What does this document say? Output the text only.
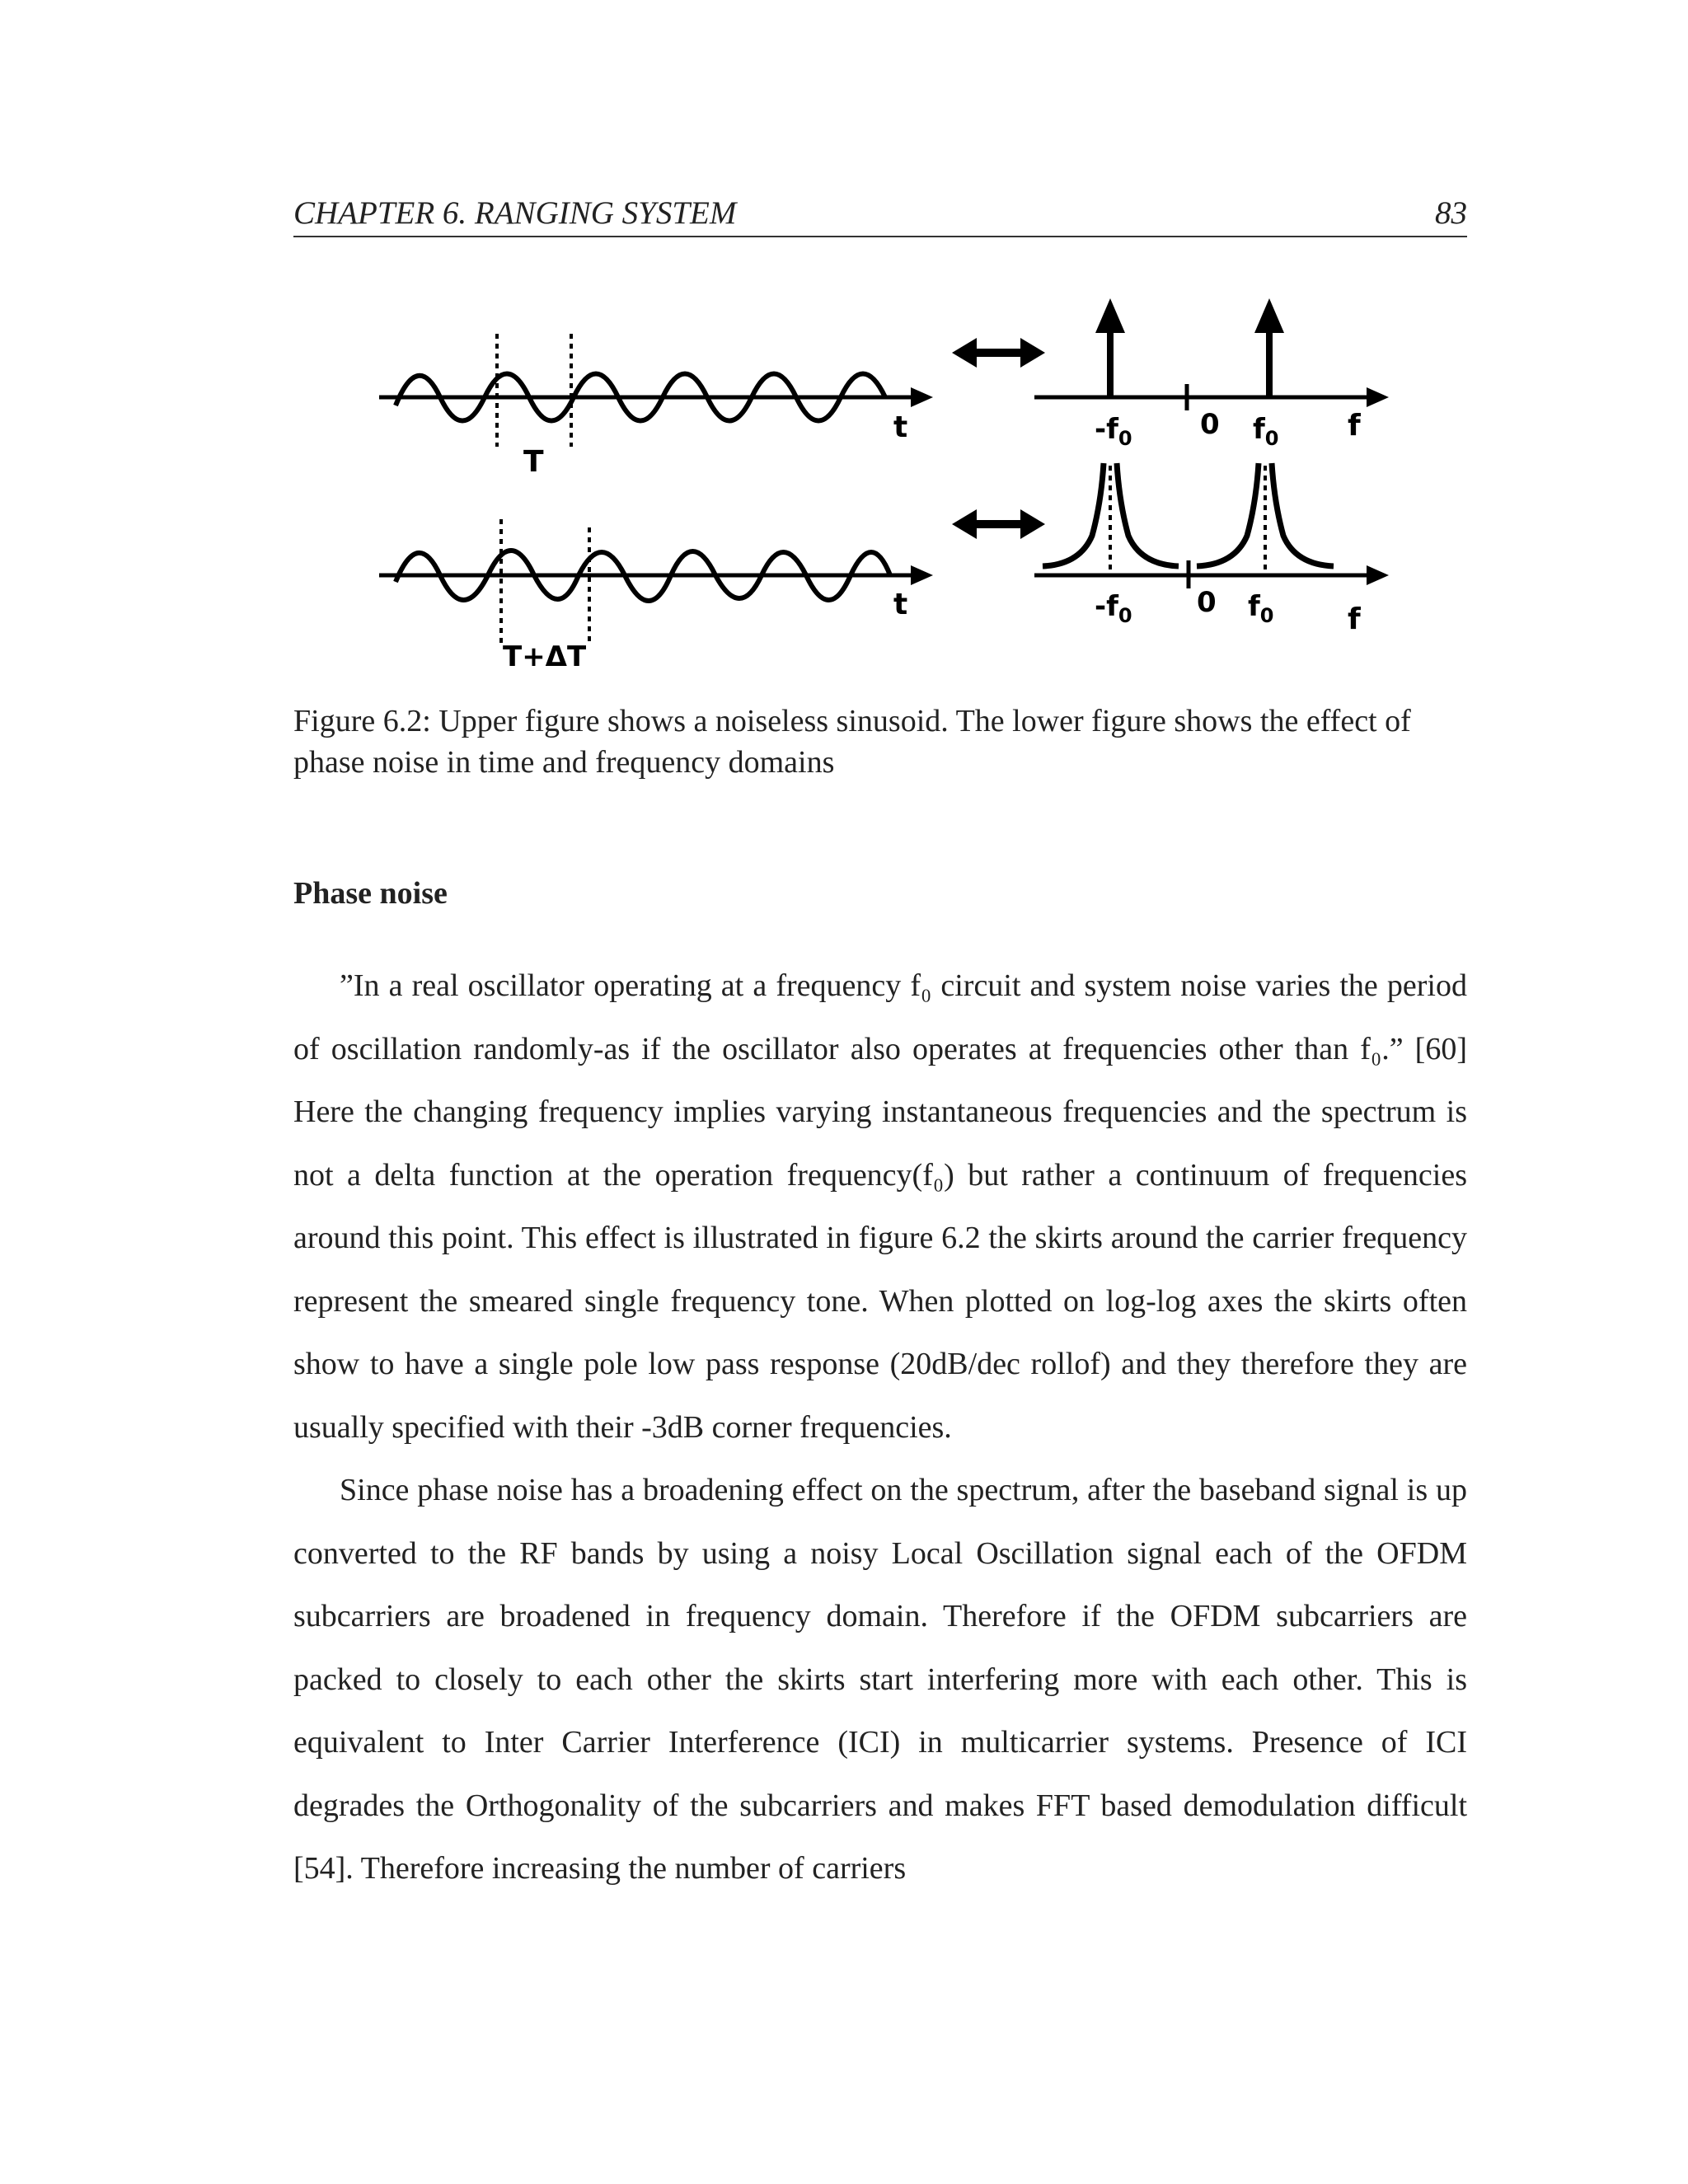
CHAPTER 6. RANGING SYSTEM	83
T
t	$-f_0$ 0 $f_0$ f
T+ΔT
t	$-f_0$ 0 $f_0$ f
Figure 6.2: Upper figure shows a noiseless sinusoid. The lower figure shows the effect of phase noise in time and frequency domains
Phase noise

”In a real oscillator operating at a frequency f₀ circuit and system noise varies the period of oscillation randomly-as if the oscillator also operates at frequencies other than f₀.” [60] Here the changing frequency implies varying instantaneous frequencies and the spectrum is not a delta function at the operation frequency(f₀) but rather a continuum of frequencies around this point. This effect is illustrated in figure 6.2 the skirts around the carrier frequency represent the smeared single frequency tone. When plotted on log-log axes the skirts often show to have a single pole low pass response (20dB/dec rollof) and they therefore they are usually specified with their -3dB corner frequencies.

Since phase noise has a broadening effect on the spectrum, after the baseband signal is up converted to the RF bands by using a noisy Local Oscillation signal each of the OFDM subcarriers are broadened in frequency domain. Therefore if the OFDM subcarriers are packed to closely to each other the skirts start interfering more with each other. This is equivalent to Inter Carrier Interference (ICI) in multicarrier systems. Presence of ICI degrades the Orthogonality of the subcarriers and makes FFT based demodulation difficult [54]. Therefore increasing the number of carriers
